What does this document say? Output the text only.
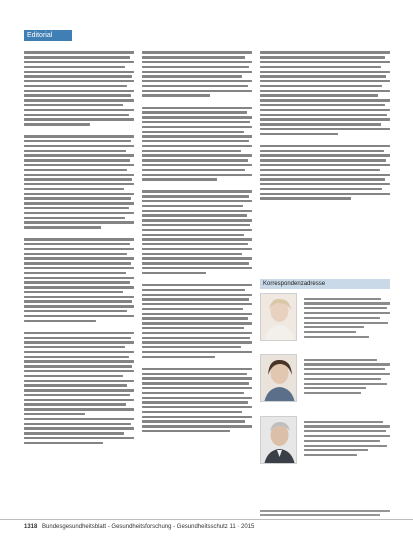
Editorial
Korrespondenzadresse
1318 Bundesgesundheitsblatt - Gesundheitsforschung - Gesundheitsschutz 11 · 2015
